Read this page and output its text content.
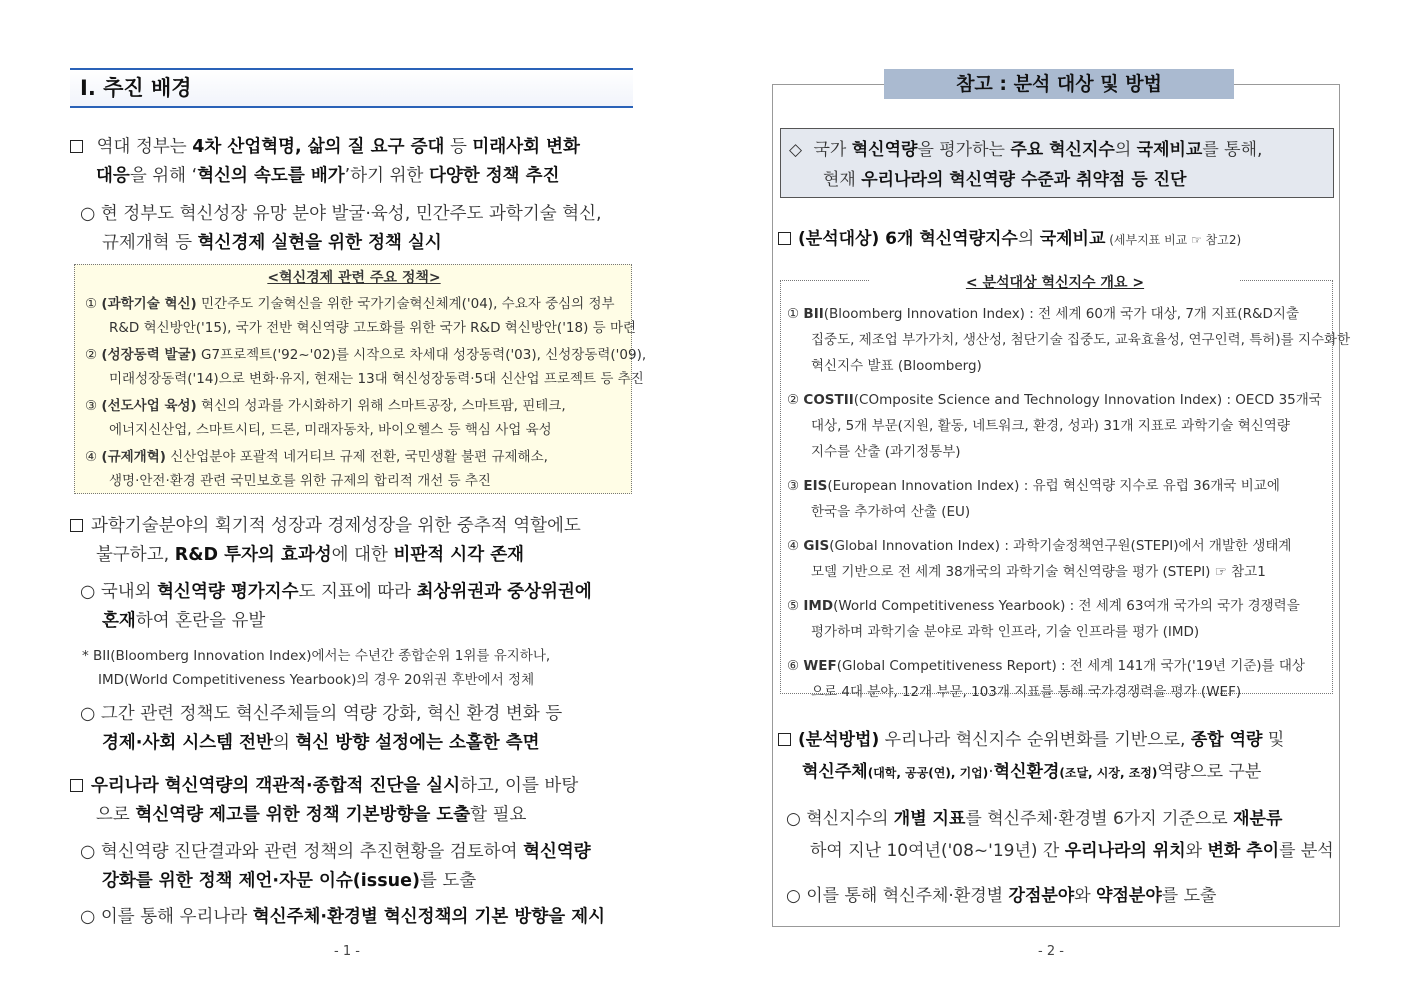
Ⅰ. 추진 배경
역대 정부는 4차 산업혁명, 삶의 질 요구 증대 등 미래사회 변화
대응을 위해 ‘혁신의 속도를 배가’하기 위한 다양한 정책 추진
○ 현 정부도 혁신성장 유망 분야 발굴·육성, 민간주도 과학기술 혁신,
규제개혁 등 혁신경제 실현을 위한 정책 실시
<혁신경제 관련 주요 정책>
① (과학기술 혁신) 민간주도 기술혁신을 위한 국가기술혁신체계('04), 수요자 중심의 정부
R&D 혁신방안('15), 국가 전반 혁신역량 고도화를 위한 국가 R&D 혁신방안('18) 등 마련
② (성장동력 발굴) G7프로젝트('92~'02)를 시작으로 차세대 성장동력('03), 신성장동력('09),
미래성장동력('14)으로 변화·유지, 현재는 13대 혁신성장동력·5대 신산업 프로젝트 등 추진
③ (선도사업 육성) 혁신의 성과를 가시화하기 위해 스마트공장, 스마트팜, 핀테크,
에너지신산업, 스마트시티, 드론, 미래자동차, 바이오헬스 등 핵심 사업 육성
④ (규제개혁) 신산업분야 포괄적 네거티브 규제 전환, 국민생활 불편 규제해소,
생명·안전·환경 관련 국민보호를 위한 규제의 합리적 개선 등 추진
과학기술분야의 획기적 성장과 경제성장을 위한 중추적 역할에도
불구하고, R&D 투자의 효과성에 대한 비판적 시각 존재
○ 국내외 혁신역량 평가지수도 지표에 따라 최상위권과 중상위권에
혼재하여 혼란을 유발
* BII(Bloomberg Innovation Index)에서는 수년간 종합순위 1위를 유지하나,
IMD(World Competitiveness Yearbook)의 경우 20위권 후반에서 정체
○ 그간 관련 정책도 혁신주체들의 역량 강화, 혁신 환경 변화 등
경제·사회 시스템 전반의 혁신 방향 설정에는 소홀한 측면
우리나라 혁신역량의 객관적·종합적 진단을 실시하고, 이를 바탕
으로 혁신역량 제고를 위한 정책 기본방향을 도출할 필요
○ 혁신역량 진단결과와 관련 정책의 추진현황을 검토하여 혁신역량
강화를 위한 정책 제언·자문 이슈(issue)를 도출
○ 이를 통해 우리나라 혁신주체·환경별 혁신정책의 기본 방향을 제시
- 1 -
참고 : 분석 대상 및 방법
◇ 국가 혁신역량을 평가하는 주요 혁신지수의 국제비교를 통해,
현재 우리나라의 혁신역량 수준과 취약점 등 진단
(분석대상) 6개 혁신역량지수의 국제비교 (세부지표 비교 ☞ 참고2)
① BII(Bloomberg Innovation Index) : 전 세계 60개 국가 대상, 7개 지표(R&D지출
집중도, 제조업 부가가치, 생산성, 첨단기술 집중도, 교육효율성, 연구인력, 특허)를 지수화한
혁신지수 발표 (Bloomberg)
② COSTII(COmposite Science and Technology Innovation Index) : OECD 35개국
대상, 5개 부문(지원, 활동, 네트워크, 환경, 성과) 31개 지표로 과학기술 혁신역량
지수를 산출 (과기정통부)
③ EIS(European Innovation Index) : 유럽 혁신역량 지수로 유럽 36개국 비교에
한국을 추가하여 산출 (EU)
④ GIS(Global Innovation Index) : 과학기술정책연구원(STEPI)에서 개발한 생태계
모델 기반으로 전 세계 38개국의 과학기술 혁신역량을 평가 (STEPI) ☞ 참고1
⑤ IMD(World Competitiveness Yearbook) : 전 세계 63여개 국가의 국가 경쟁력을
평가하며 과학기술 분야로 과학 인프라, 기술 인프라를 평가 (IMD)
⑥ WEF(Global Competitiveness Report) : 전 세계 141개 국가('19년 기준)를 대상
으로 4대 분야, 12개 부문, 103개 지표를 통해 국가경쟁력을 평가 (WEF)
< 분석대상 혁신지수 개요 >
(분석방법) 우리나라 혁신지수 순위변화를 기반으로, 종합 역량 및
혁신주체(대학, 공공(연), 기업)·혁신환경(조달, 시장, 조정)역량으로 구분
○ 혁신지수의 개별 지표를 혁신주체·환경별 6가지 기준으로 재분류
하여 지난 10여년('08~'19년) 간 우리나라의 위치와 변화 추이를 분석
○ 이를 통해 혁신주체·환경별 강점분야와 약점분야를 도출
- 2 -
